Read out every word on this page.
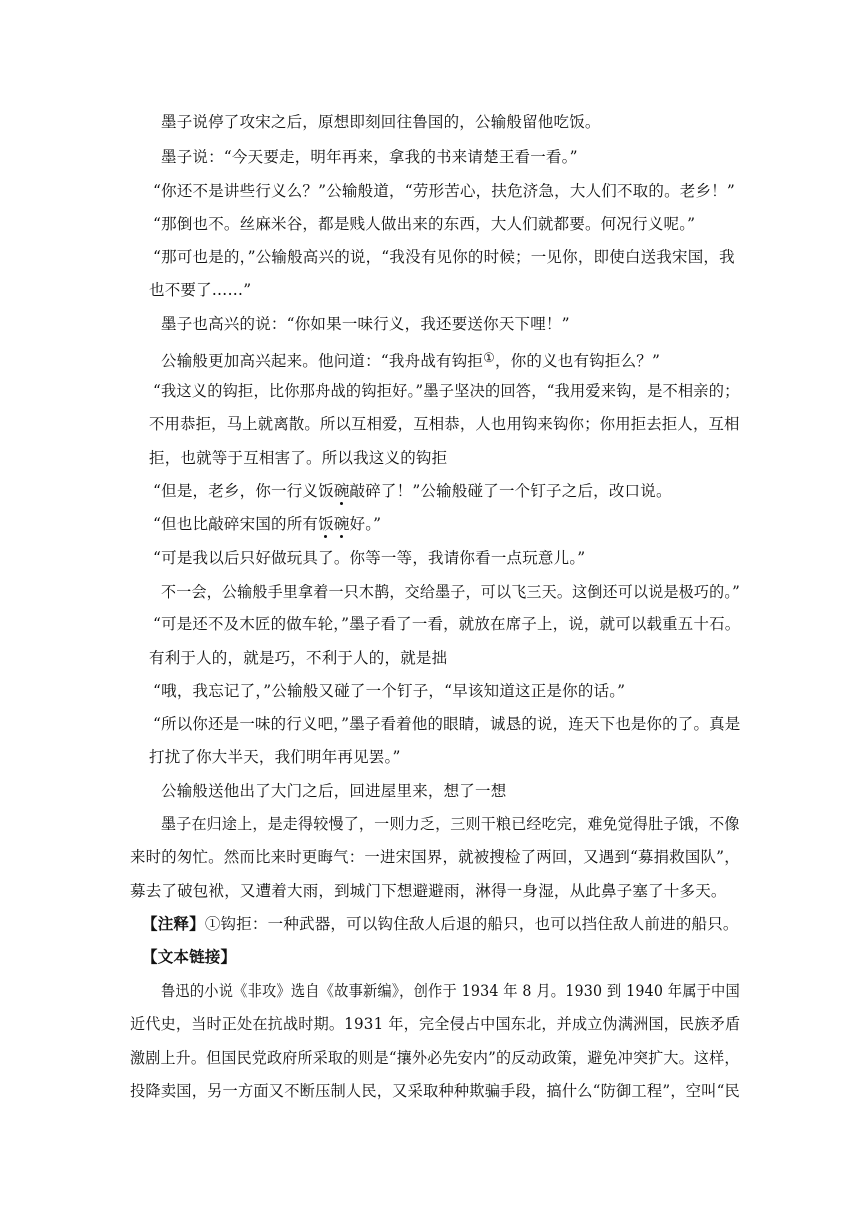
墨子说停了攻宋之后，原想即刻回往鲁国的，公输般留他吃饭。
墨子说：“今天要走，明年再来，拿我的书来请楚王看一看。”
“你还不是讲些行义么？”公输般道，“劳形苦心，扶危济急，大人们不取的。老乡！”
“那倒也不。丝麻米谷，都是贱人做出来的东西，大人们就都要。何况行义呢。”
“那可也是的，”公输般高兴的说，“我没有见你的时候；一见你，即使白送我宋国，我
也不要了……”
墨子也高兴的说：“你如果一味行义，我还要送你天下哩！”
公输般更加高兴起来。他问道：“我舟战有钩拒①，你的义也有钩拒么？”
“我这义的钩拒，比你那舟战的钩拒好。”墨子坚决的回答，“我用爱来钩，是不相亲的；
不用恭拒，马上就离散。所以互相爱，互相恭，人也用钩来钩你；你用拒去拒人，互相
拒，也就等于互相害了。所以我这义的钩拒
“但是，老乡，你一行义饭碗敲碎了！”公输般碰了一个钉子之后，改口说。
“但也比敲碎宋国的所有饭碗好。”
“可是我以后只好做玩具了。你等一等，我请你看一点玩意儿。”
不一会，公输般手里拿着一只木鹊，交给墨子，可以飞三天。这倒还可以说是极巧的。”
“可是还不及木匠的做车轮，”墨子看了一看，就放在席子上，说，就可以载重五十石。
有利于人的，就是巧，不利于人的，就是拙
“哦，我忘记了，”公输般又碰了一个钉子，“早该知道这正是你的话。”
“所以你还是一味的行义吧，”墨子看着他的眼睛，诚恳的说，连天下也是你的了。真是
打扰了你大半天，我们明年再见罢。”
公输般送他出了大门之后，回进屋里来，想了一想
墨子在归途上，是走得较慢了，一则力乏，三则干粮已经吃完，难免觉得肚子饿，不像
来时的匆忙。然而比来时更晦气：一进宋国界，就被搜检了两回，又遇到“募捐救国队”，
募去了破包袱，又遭着大雨，到城门下想避避雨，淋得一身湿，从此鼻子塞了十多天。
【注释】①钩拒：一种武器，可以钩住敌人后退的船只，也可以挡住敌人前进的船只。
【文本链接】
鲁迅的小说《非攻》选自《故事新编》，创作于 1934 年 8 月。1930 到 1940 年属于中国
近代史，当时正处在抗战时期。1931 年，完全侵占中国东北，并成立伪满洲国，民族矛盾
激剧上升。但国民党政府所采取的则是“攘外必先安内”的反动政策，避免冲突扩大。这样，
投降卖国，另一方面又不断压制人民，又采取种种欺骗手段，搞什么“防御工程”，空叫“民
